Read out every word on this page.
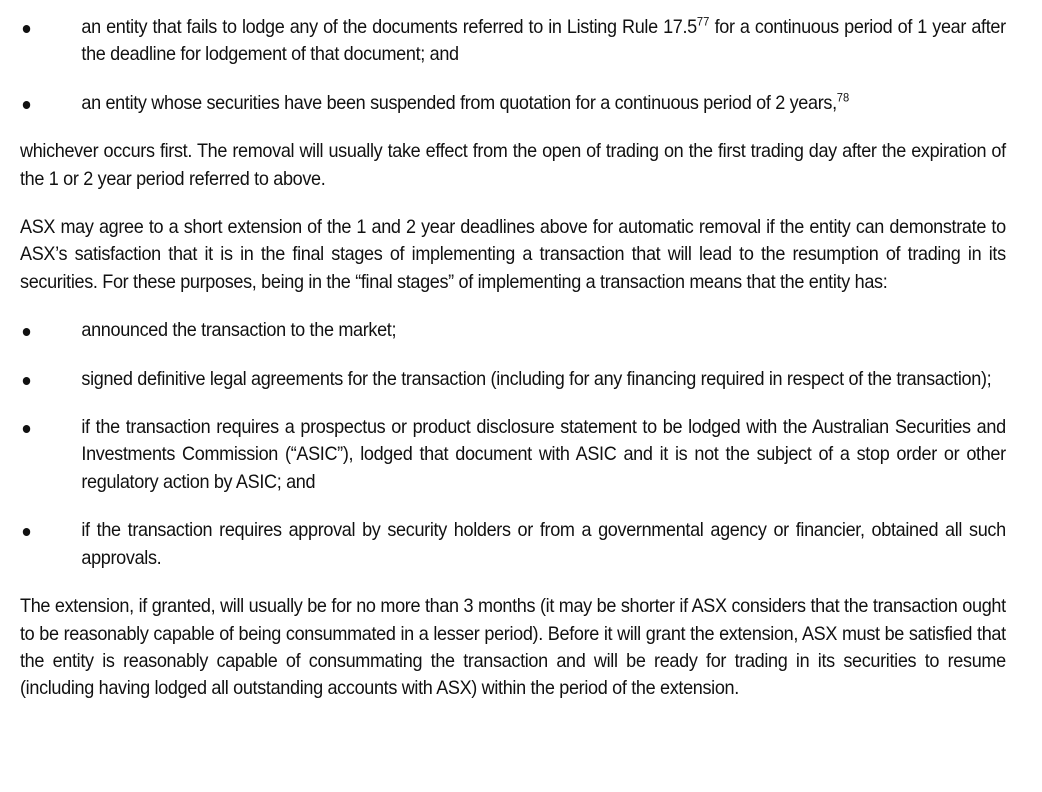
an entity that fails to lodge any of the documents referred to in Listing Rule 17.5$^{77}$ for a continuous period of 1 year after the deadline for lodgement of that document; and
an entity whose securities have been suspended from quotation for a continuous period of 2 years,$^{78}$

whichever occurs first. The removal will usually take effect from the open of trading on the first trading day after the expiration of the 1 or 2 year period referred to above.

ASX may agree to a short extension of the 1 and 2 year deadlines above for automatic removal if the entity can demonstrate to ASX’s satisfaction that it is in the final stages of implementing a transaction that will lead to the resumption of trading in its securities. For these purposes, being in the “final stages” of implementing a transaction means that the entity has:

announced the transaction to the market;
signed definitive legal agreements for the transaction (including for any financing required in respect of the transaction);
if the transaction requires a prospectus or product disclosure statement to be lodged with the Australian Securities and Investments Commission (“ASIC”), lodged that document with ASIC and it is not the subject of a stop order or other regulatory action by ASIC; and
if the transaction requires approval by security holders or from a governmental agency or financier, obtained all such approvals.

The extension, if granted, will usually be for no more than 3 months (it may be shorter if ASX considers that the transaction ought to be reasonably capable of being consummated in a lesser period). Before it will grant the extension, ASX must be satisfied that the entity is reasonably capable of consummating the transaction and will be ready for trading in its securities to resume (including having lodged all outstanding accounts with ASX) within the period of the extension.
